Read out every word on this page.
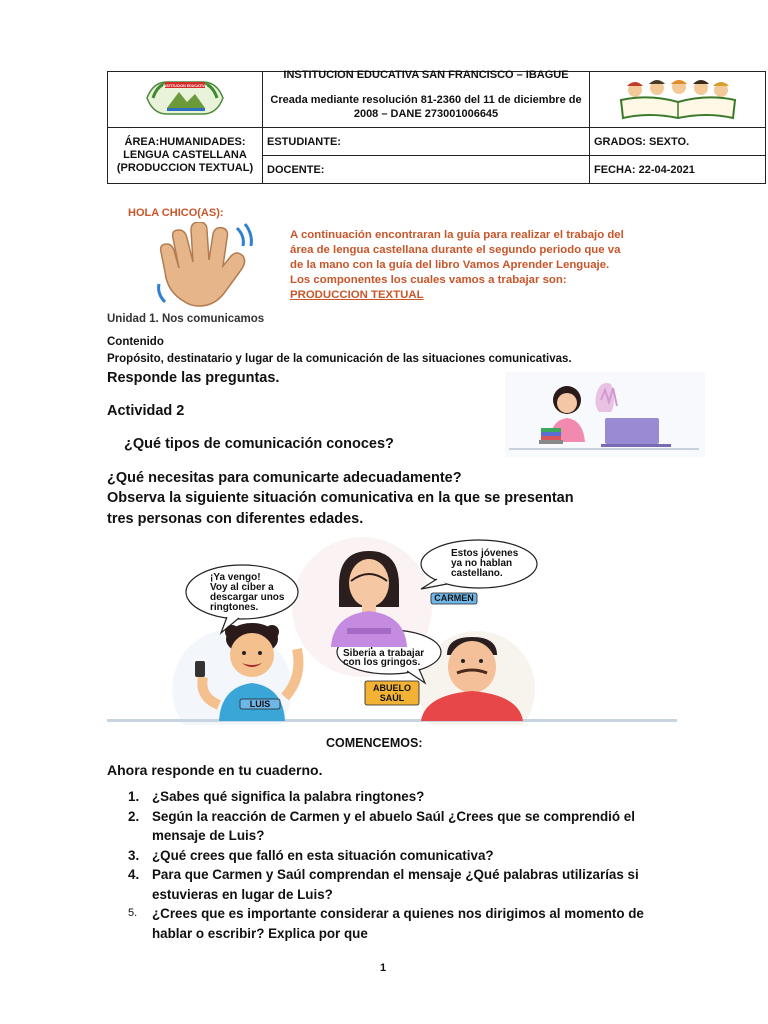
INSTITUCION EDUCATIVA	INSTITUCION EDUCATIVA SAN FRANCISCO – IBAGUE
Creada mediante resolución 81-2360 del 11 de diciembre de 2008 – DANE 273001006645

ÁREA:HUMANIDADES:
LENGUA CASTELLANA
(PRODUCCION TEXTUAL)	ESTUDIANTE:	GRADOS: SEXTO.
	DOCENTE:	FECHA: 22-04-2021
HOLA CHICO(AS):
A continuación encontraran la guía para realizar el trabajo del área de lengua castellana durante el segundo periodo que va de la mano con la guía del libro Vamos Aprender Lenguaje. Los componentes los cuales vamos a trabajar son: PRODUCCION TEXTUAL
Unidad 1. Nos comunicamos
Contenido
Propósito, destinatario y lugar de la comunicación de las situaciones comunicativas.
Responde las preguntas.
Actividad 2
¿Qué tipos de comunicación conoces?
¿Qué necesitas para comunicarte adecuadamente?
Observa la siguiente situación comunicativa en la que se presentan
tres personas con diferentes edades.
¡Ya vengo!
Voy al ciber a
descargar unos
ringtones.
Estos jóvenes
ya no hablan
castellano.
Siberia a trabajar
con los gringos.
CARMEN
LUIS
ABUELO
SAÚL
COMENCEMOS:
Ahora responde en tu cuaderno.
1. ¿Sabes qué significa la palabra ringtones?
2. Según la reacción de Carmen y el abuelo Saúl ¿Crees que se comprendió el mensaje de Luis?
3. ¿Qué crees que falló en esta situación comunicativa?
4. Para que Carmen y Saúl comprendan el mensaje ¿Qué palabras utilizarías si estuvieras en lugar de Luis?
5. ¿Crees que es importante considerar a quienes nos dirigimos al momento de hablar o escribir? Explica por que
1
